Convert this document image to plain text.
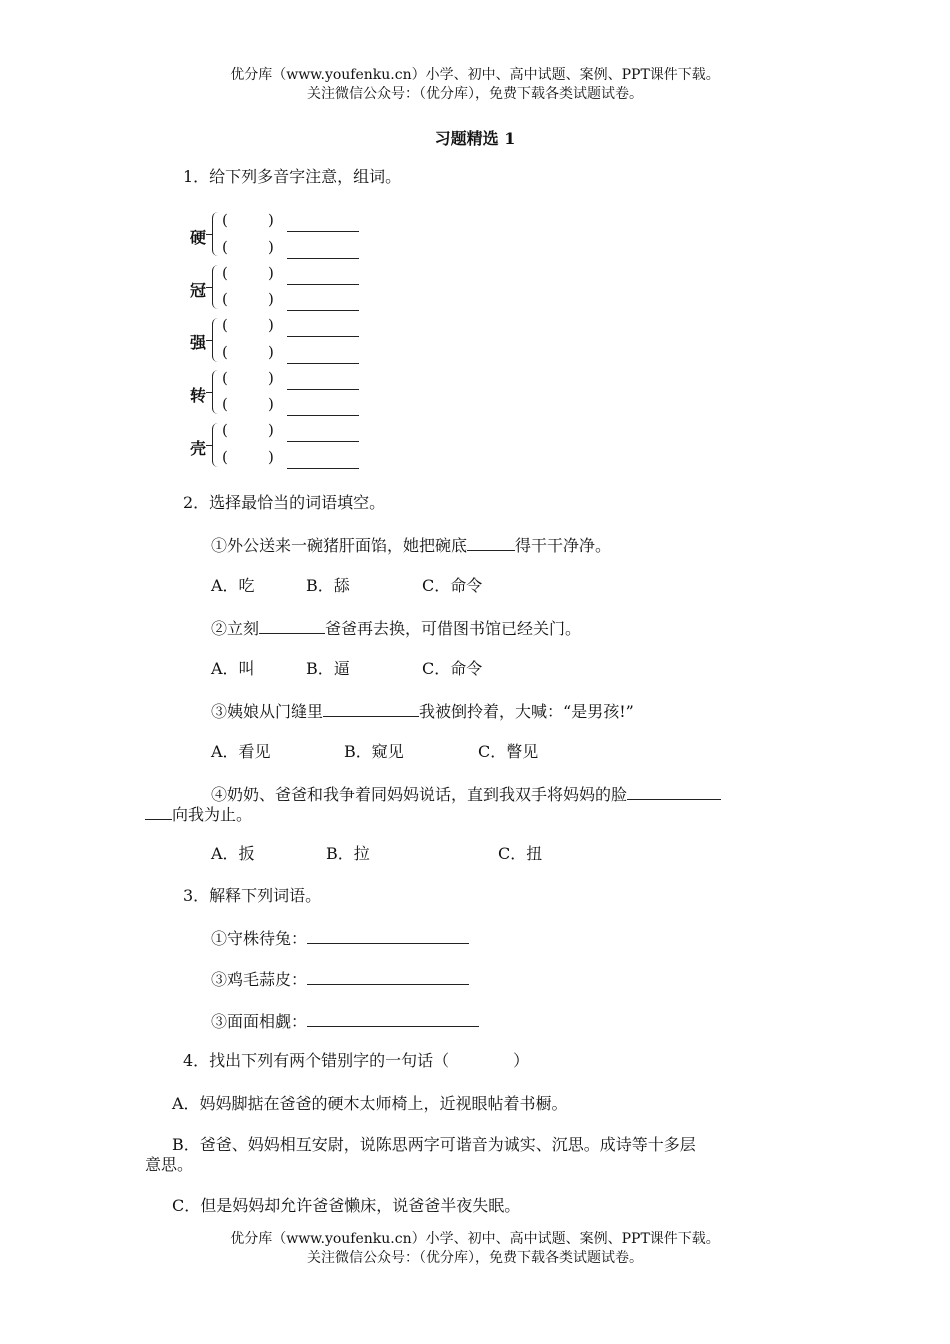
优分库（www.youfenku.cn）小学、初中、高中试题、案例、PPT课件下载。
关注微信公众号：（优分库），免费下载各类试题试卷。
习题精选 1
1．给下列多音字注意，组词。
硬
(	)
(	)
冠
(	)
(	)
强
(	)
(	)
转
(	)
(	)
壳
(	)
(	)
2．选择最恰当的词语填空。
①外公送来一碗猪肝面馅，她把碗底	得干干净净。
A．吃	B．舔	C．命令
②立刻	爸爸再去换，可借图书馆已经关门。
A．叫	B．逼	C．命令
③姨娘从门缝里	我被倒拎着，大喊：“是男孩!”
A．看见	B．窥见	C．瞥见
④奶奶、爸爸和我争着同妈妈说话，直到我双手将妈妈的脸
向我为止。
A．扳	B．拉	C．扭
3．解释下列词语。
①守株待兔：
③鸡毛蒜皮：
③面面相觑：
4．找出下列有两个错别字的一句话（　　　　）
A．妈妈脚掂在爸爸的硬木太师椅上，近视眼帖着书橱。
B．爸爸、妈妈相互安尉，说陈思两字可谐音为诚实、沉思。成诗等十多层
意思。
C．但是妈妈却允许爸爸懒床，说爸爸半夜失眠。
优分库（www.youfenku.cn）小学、初中、高中试题、案例、PPT课件下载。
关注微信公众号：（优分库），免费下载各类试题试卷。
